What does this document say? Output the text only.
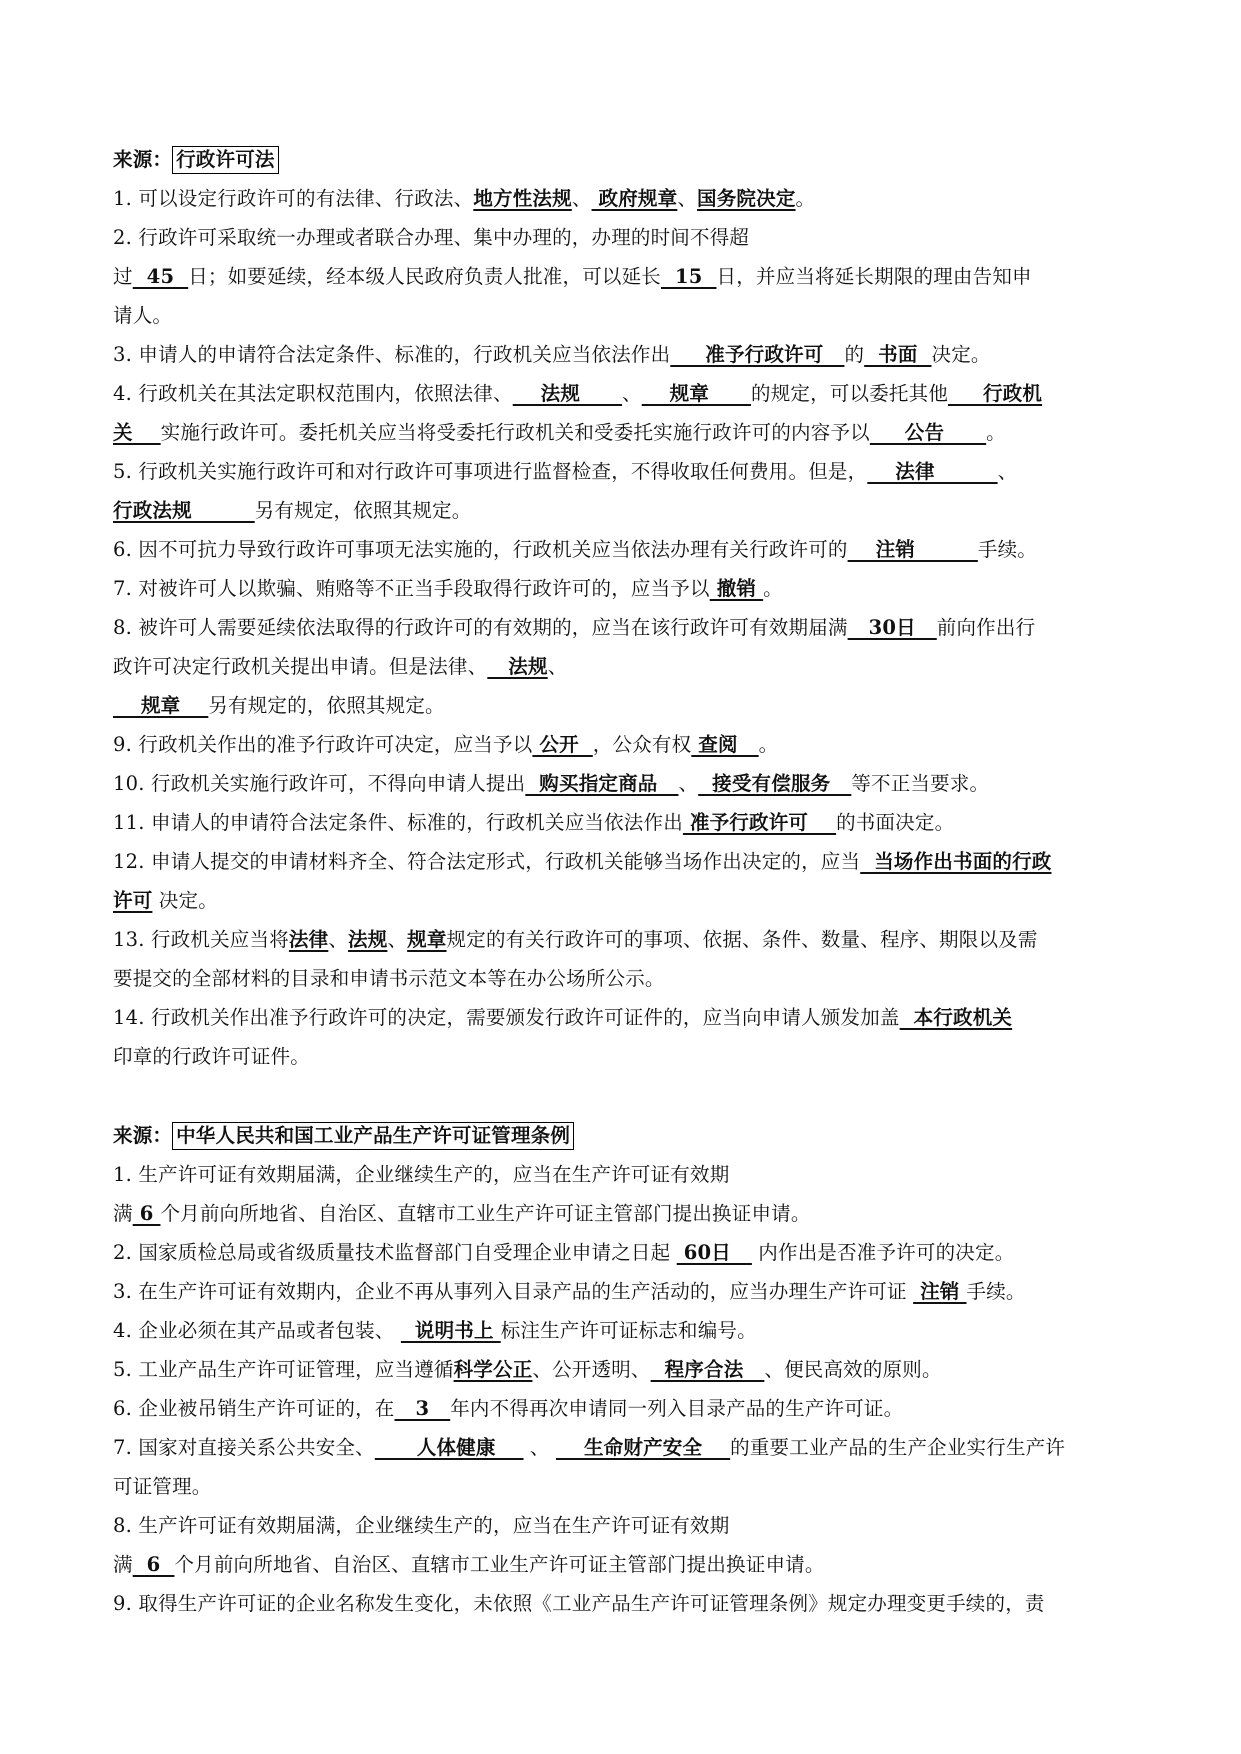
来源： 行政许可法
1. 可以设定行政许可的有法律、行政法、地方性法规、 政府规章、国务院决定。
2. 行政许可采取统一办理或者联合办理、集中办理的，办理的时间不得超
过  45  日；如要延续，经本级人民政府负责人批准，可以延长  15  日，并应当将延长期限的理由告知申
请人。
3. 申请人的申请符合法定条件、标准的，行政机关应当依法作出     准予行政许可   的  书面  决定。
4. 行政机关在其法定职权范围内，依照法律、    法规      、    规章      的规定，可以委托其他     行政机
关    实施行政许可。委托机关应当将受委托行政机关和受委托实施行政许可的内容予以     公告      。
5. 行政机关实施行政许可和对行政许可事项进行监督检查，不得收取任何费用。但是，    法律         、
行政法规         另有规定，依照其规定。
6. 因不可抗力导致行政许可事项无法实施的，行政机关应当依法办理有关行政许可的    注销         手续。
7. 对被许可人以欺骗、贿赂等不正当手段取得行政许可的，应当予以 撤销 。
8. 被许可人需要延续依法取得的行政许可的有效期的，应当在该行政许可有效期届满   30日   前向作出行
政许可决定行政机关提出申请。但是法律、   法规、
规章    另有规定的，依照其规定。
9. 行政机关作出的准予行政许可决定，应当予以 公开  ，公众有权 查阅   。
10. 行政机关实施行政许可，不得向申请人提出  购买指定商品   、  接受有偿服务   等不正当要求。
11. 申请人的申请符合法定条件、标准的，行政机关应当依法作出 准予行政许可    的书面决定。
12. 申请人提交的申请材料齐全、符合法定形式，行政机关能够当场作出决定的，应当  当场作出书面的行政
许可 决定。
13. 行政机关应当将法律、法规、规章规定的有关行政许可的事项、依据、条件、数量、程序、期限以及需
要提交的全部材料的目录和申请书示范文本等在办公场所公示。
14. 行政机关作出准予行政许可的决定，需要颁发行政许可证件的，应当向申请人颁发加盖  本行政机关
印章的行政许可证件。
来源： 中华人民共和国工业产品生产许可证管理条例
1. 生产许可证有效期届满，企业继续生产的，应当在生产许可证有效期
满 6 个月前向所地省、自治区、直辖市工业生产许可证主管部门提出换证申请。
2. 国家质检总局或省级质量技术监督部门自受理企业申请之日起  60日    内作出是否准予许可的决定。
3. 在生产许可证有效期内，企业不再从事列入目录产品的生产活动的，应当办理生产许可证  注销 手续。
4. 企业必须在其产品或者包装、   说明书上 标注生产许可证标志和编号。
5. 工业产品生产许可证管理，应当遵循科学公正、公开透明、  程序合法   、便民高效的原则。
6. 企业被吊销生产许可证的，在   3   年内不得再次申请同一列入目录产品的生产许可证。
7. 国家对直接关系公共安全、      人体健康     、     生命财产安全    的重要工业产品的生产企业实行生产许
可证管理。
8. 生产许可证有效期届满，企业继续生产的，应当在生产许可证有效期
满  6  个月前向所地省、自治区、直辖市工业生产许可证主管部门提出换证申请。
9. 取得生产许可证的企业名称发生变化，未依照《工业产品生产许可证管理条例》规定办理变更手续的，责
